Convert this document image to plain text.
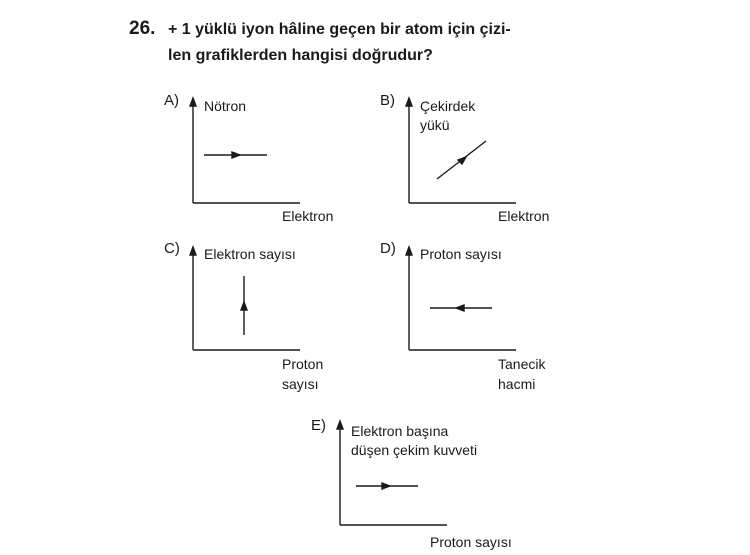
26. + 1 yüklü iyon hâline geçen bir atom için çizi-
len grafiklerden hangisi doğrudur?
A) Nötron
Elektron
B) Çekirdek
yükü
Elektron
C) Elektron sayısı
Proton
sayısı
D) Proton sayısı
Tanecik
hacmi
E) Elektron başına
düşen çekim kuvveti
Proton sayısı
